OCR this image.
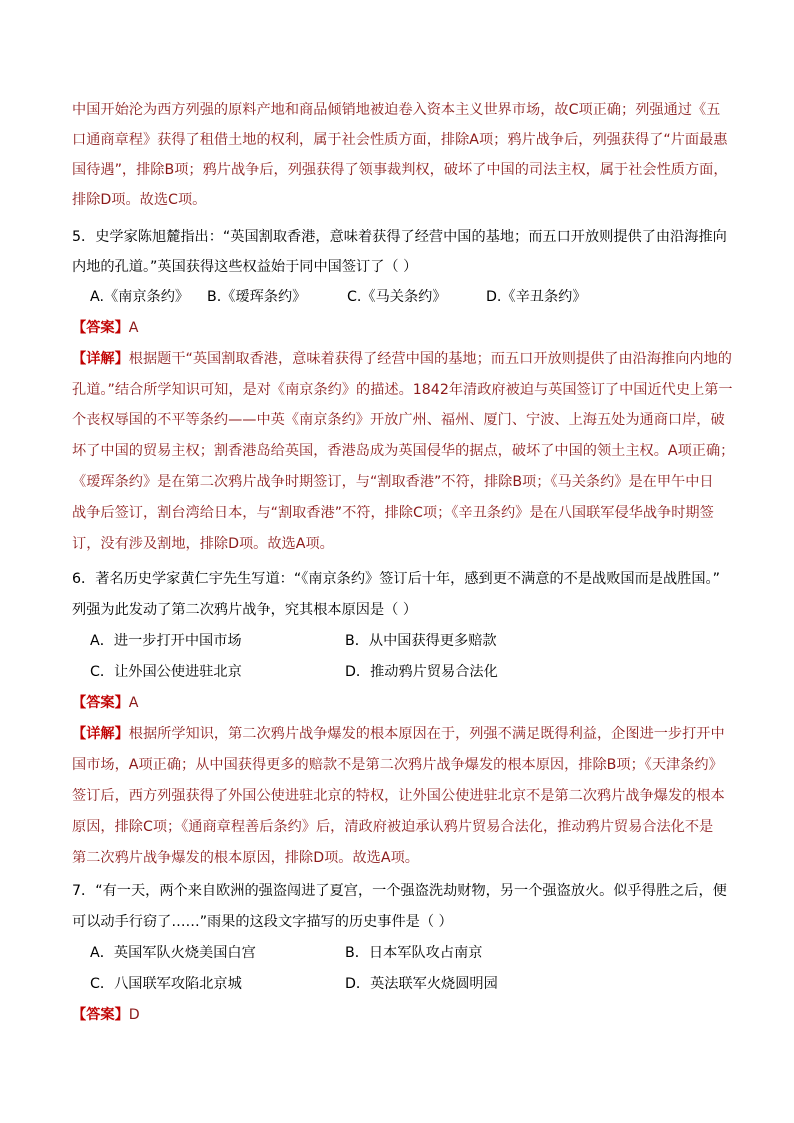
中国开始沦为西方列强的原料产地和商品倾销地被迫卷入资本主义世界市场，故C项正确；列强通过《五
口通商章程》获得了租借土地的权利，属于社会性质方面，排除A项；鸦片战争后，列强获得了“片面最惠
国待遇”，排除B项；鸦片战争后，列强获得了领事裁判权，破坏了中国的司法主权，属于社会性质方面，
排除D项。故选C项。
5．史学家陈旭麓指出：“英国割取香港，意味着获得了经营中国的基地；而五口开放则提供了由沿海推向
内地的孔道。”英国获得这些权益始于同中国签订了（ ）
A.《南京条约》 B.《瑷珲条约》	C.《马关条约》	D.《辛丑条约》
【答案】A
【详解】根据题干“英国割取香港，意味着获得了经营中国的基地；而五口开放则提供了由沿海推向内地的
孔道。”结合所学知识可知，是对《南京条约》的描述。1842年清政府被迫与英国签订了中国近代史上第一
个丧权辱国的不平等条约——中英《南京条约》开放广州、福州、厦门、宁波、上海五处为通商口岸，破
坏了中国的贸易主权；割香港岛给英国，香港岛成为英国侵华的据点，破坏了中国的领土主权。A项正确；
《瑷珲条约》是在第二次鸦片战争时期签订，与“割取香港”不符，排除B项；《马关条约》是在甲午中日
战争后签订，割台湾给日本，与“割取香港”不符，排除C项；《辛丑条约》是在八国联军侵华战争时期签
订，没有涉及割地，排除D项。故选A项。
6．著名历史学家黄仁宇先生写道：“《南京条约》签订后十年，感到更不满意的不是战败国而是战胜国。”
列强为此发动了第二次鸦片战争，究其根本原因是（ ）
A．进一步打开中国市场	B．从中国获得更多赔款
C．让外国公使进驻北京	D．推动鸦片贸易合法化
【答案】A
【详解】根据所学知识，第二次鸦片战争爆发的根本原因在于，列强不满足既得利益，企图进一步打开中
国市场，A项正确；从中国获得更多的赔款不是第二次鸦片战争爆发的根本原因，排除B项；《天津条约》
签订后，西方列强获得了外国公使进驻北京的特权，让外国公使进驻北京不是第二次鸦片战争爆发的根本
原因，排除C项；《通商章程善后条约》后，清政府被迫承认鸦片贸易合法化，推动鸦片贸易合法化不是
第二次鸦片战争爆发的根本原因，排除D项。故选A项。
7．“有一天，两个来自欧洲的强盗闯进了夏宫，一个强盗洗劫财物，另一个强盗放火。似乎得胜之后，便
可以动手行窃了……”雨果的这段文字描写的历史事件是（ ）
A．英国军队火烧美国白宫	B．日本军队攻占南京
C．八国联军攻陷北京城	D．英法联军火烧圆明园
【答案】D
